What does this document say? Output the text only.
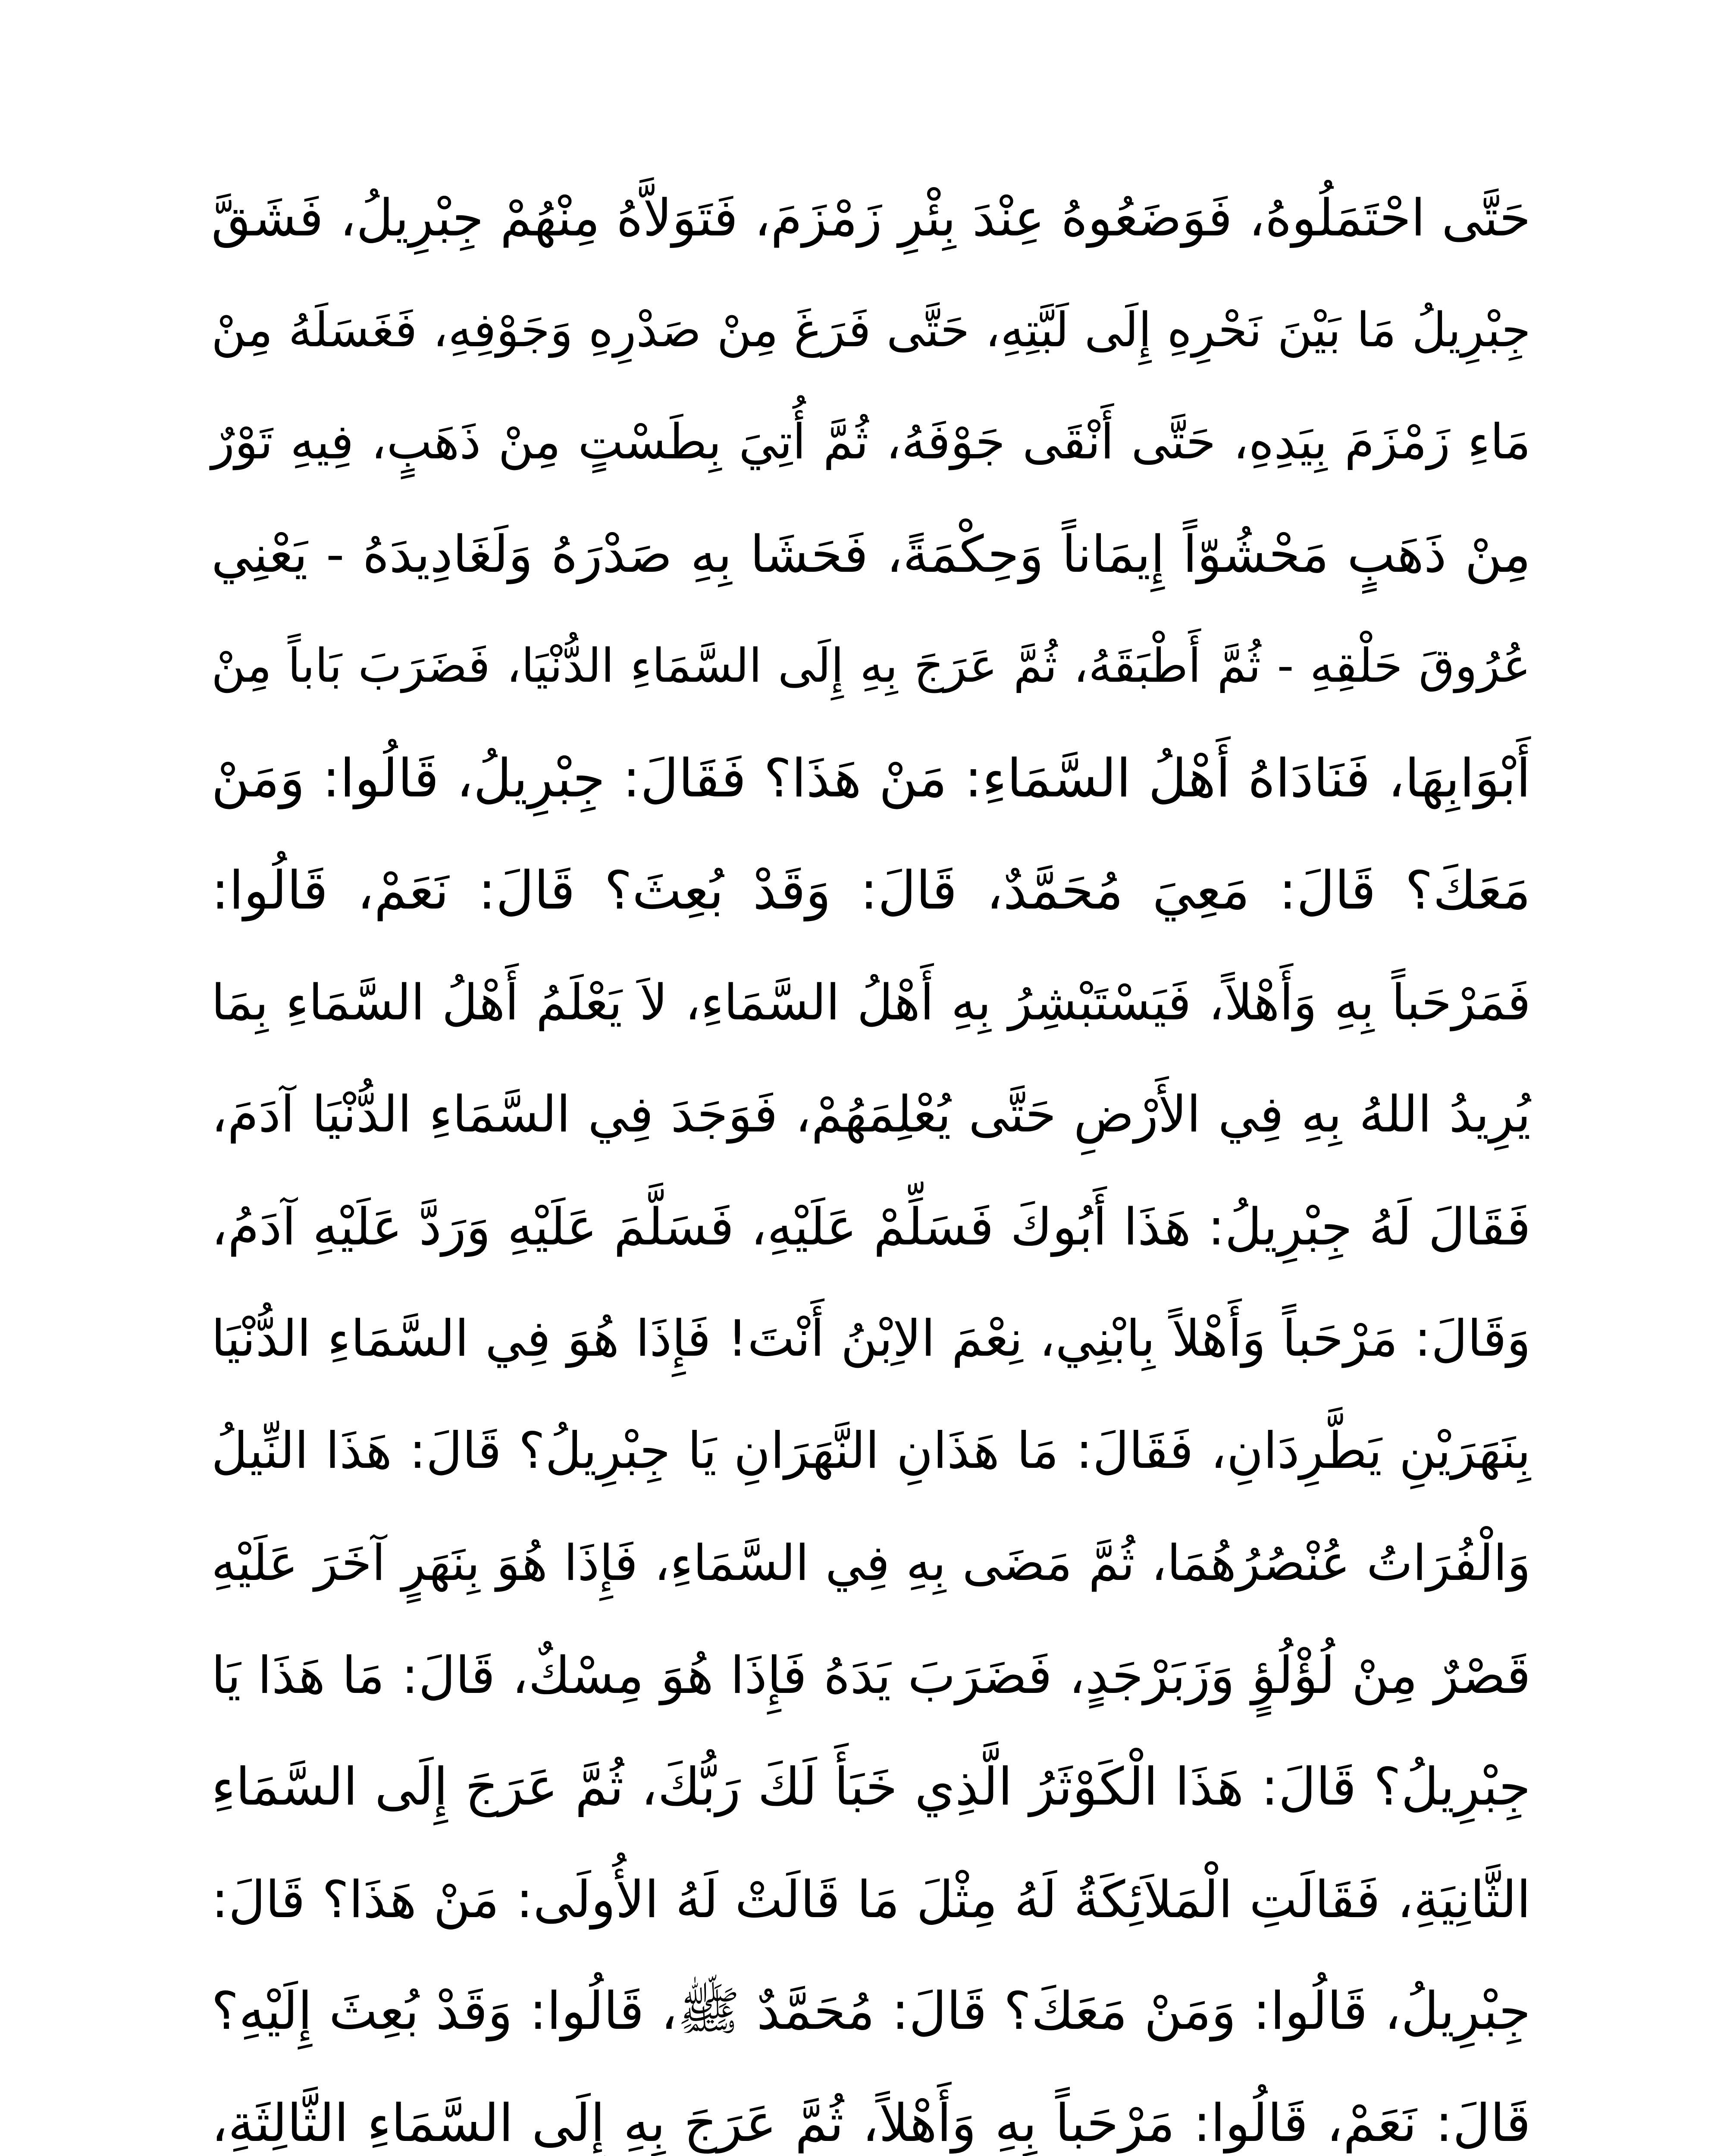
حَتَّى احْتَمَلُوهُ، فَوَضَعُوهُ عِنْدَ بِئْرِ زَمْزَمَ، فَتَوَلاَّهُ مِنْهُمْ جِبْرِيلُ، فَشَقَّ
جِبْرِيلُ مَا بَيْنَ نَحْرِهِ إِلَى لَبَّتِهِ، حَتَّى فَرَغَ مِنْ صَدْرِهِ وَجَوْفِهِ، فَغَسَلَهُ مِنْ
مَاءِ زَمْزَمَ بِيَدِهِ، حَتَّى أَنْقَى جَوْفَهُ، ثُمَّ أُتِيَ بِطَسْتٍ مِنْ ذَهَبٍ، فِيهِ تَوْرٌ
مِنْ ذَهَبٍ مَحْشُوّاً إِيمَاناً وَحِكْمَةً، فَحَشَا بِهِ صَدْرَهُ وَلَغَادِيدَهُ - يَعْنِي
عُرُوقَ حَلْقِهِ - ثُمَّ أَطْبَقَهُ، ثُمَّ عَرَجَ بِهِ إِلَى السَّمَاءِ الدُّنْيَا، فَضَرَبَ بَاباً مِنْ
أَبْوَابِهَا، فَنَادَاهُ أَهْلُ السَّمَاءِ: مَنْ هَذَا؟ فَقَالَ: جِبْرِيلُ، قَالُوا: وَمَنْ
مَعَكَ؟ قَالَ: مَعِيَ مُحَمَّدٌ، قَالَ: وَقَدْ بُعِثَ؟ قَالَ: نَعَمْ، قَالُوا:
فَمَرْحَباً بِهِ وَأَهْلاً، فَيَسْتَبْشِرُ بِهِ أَهْلُ السَّمَاءِ، لاَ يَعْلَمُ أَهْلُ السَّمَاءِ بِمَا
يُرِيدُ اللهُ بِهِ فِي الأَرْضِ حَتَّى يُعْلِمَهُمْ، فَوَجَدَ فِي السَّمَاءِ الدُّنْيَا آدَمَ،
فَقَالَ لَهُ جِبْرِيلُ: هَذَا أَبُوكَ فَسَلِّمْ عَلَيْهِ، فَسَلَّمَ عَلَيْهِ وَرَدَّ عَلَيْهِ آدَمُ،
وَقَالَ: مَرْحَباً وَأَهْلاً بِابْنِي، نِعْمَ الاِبْنُ أَنْتَ! فَإِذَا هُوَ فِي السَّمَاءِ الدُّنْيَا
بِنَهَرَيْنِ يَطَّرِدَانِ، فَقَالَ: مَا هَذَانِ النَّهَرَانِ يَا جِبْرِيلُ؟ قَالَ: هَذَا النِّيلُ
وَالْفُرَاتُ عُنْصُرُهُمَا، ثُمَّ مَضَى بِهِ فِي السَّمَاءِ، فَإِذَا هُوَ بِنَهَرٍ آخَرَ عَلَيْهِ
قَصْرٌ مِنْ لُؤْلُؤٍ وَزَبَرْجَدٍ، فَضَرَبَ يَدَهُ فَإِذَا هُوَ مِسْكٌ، قَالَ: مَا هَذَا يَا
جِبْرِيلُ؟ قَالَ: هَذَا الْكَوْثَرُ الَّذِي خَبَأَ لَكَ رَبُّكَ، ثُمَّ عَرَجَ إِلَى السَّمَاءِ
الثَّانِيَةِ، فَقَالَتِ الْمَلاَئِكَةُ لَهُ مِثْلَ مَا قَالَتْ لَهُ الأُولَى: مَنْ هَذَا؟ قَالَ:
جِبْرِيلُ، قَالُوا: وَمَنْ مَعَكَ؟ قَالَ: مُحَمَّدٌ ﷺ، قَالُوا: وَقَدْ بُعِثَ إِلَيْهِ؟
قَالَ: نَعَمْ، قَالُوا: مَرْحَباً بِهِ وَأَهْلاً، ثُمَّ عَرَجَ بِهِ إِلَى السَّمَاءِ الثَّالِثَةِ،
